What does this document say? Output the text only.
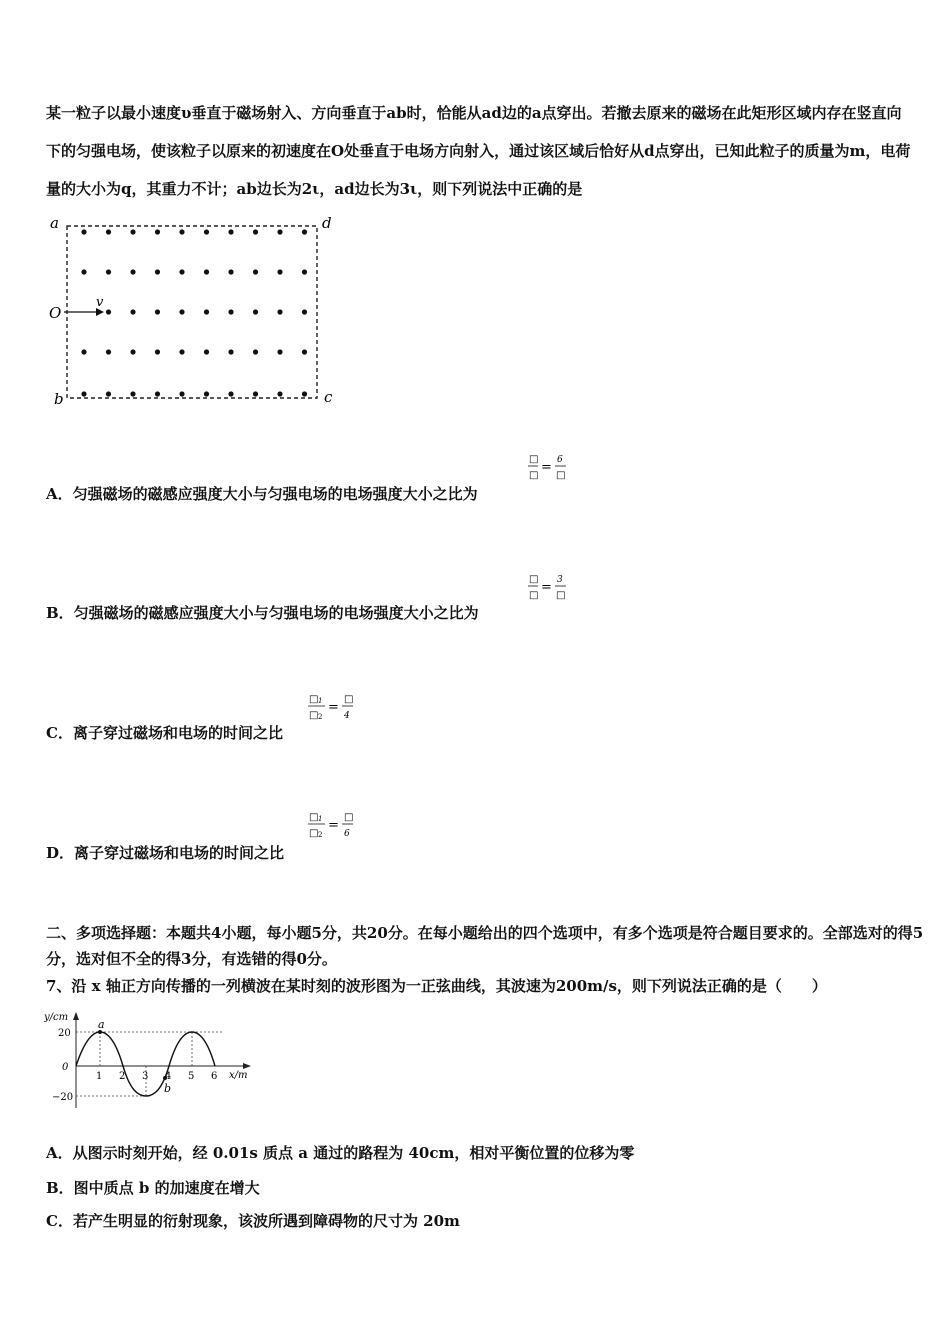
某一粒子以最小速度υ垂直于磁场射入、方向垂直于ab时，恰能从ad边的a点穿出。若撤去原来的磁场在此矩形区域内存在竖直向下的匀强电场，使该粒子以原来的初速度在O处垂直于电场方向射入，通过该区域后恰好从d点穿出，已知此粒子的质量为m，电荷量的大小为q，其重力不计；ab边长为2ι，ad边长为3ι，则下列说法中正确的是
a	d
O
v
b	c
□
□
= 6
□
A．匀强磁场的磁感应强度大小与匀强电场的电场强度大小之比为
□
□
= 3
□
B．匀强磁场的磁感应强度大小与匀强电场的电场强度大小之比为
□ 1
□ 2
=
□
4
C．离子穿过磁场和电场的时间之比
□ 1
□ 2
=
□
6
D．离子穿过磁场和电场的时间之比
二、多项选择题：本题共4小题，每小题5分，共20分。在每小题给出的四个选项中，有多个选项是符合题目要求的。全部选对的得5分，选对但不全的得3分，有选错的得0分。
7、沿 x 轴正方向传播的一列横波在某时刻的波形图为一正弦曲线，其波速为200m/s，则下列说法正确的是（　　）
a
b
y/cm
x/m
20
0
−20
1 2 3 4 5 6
A．从图示时刻开始，经 0.01s 质点 a 通过的路程为 40cm，相对平衡位置的位移为零
B．图中质点 b 的加速度在增大
C．若产生明显的衍射现象，该波所遇到障碍物的尺寸为 20m
